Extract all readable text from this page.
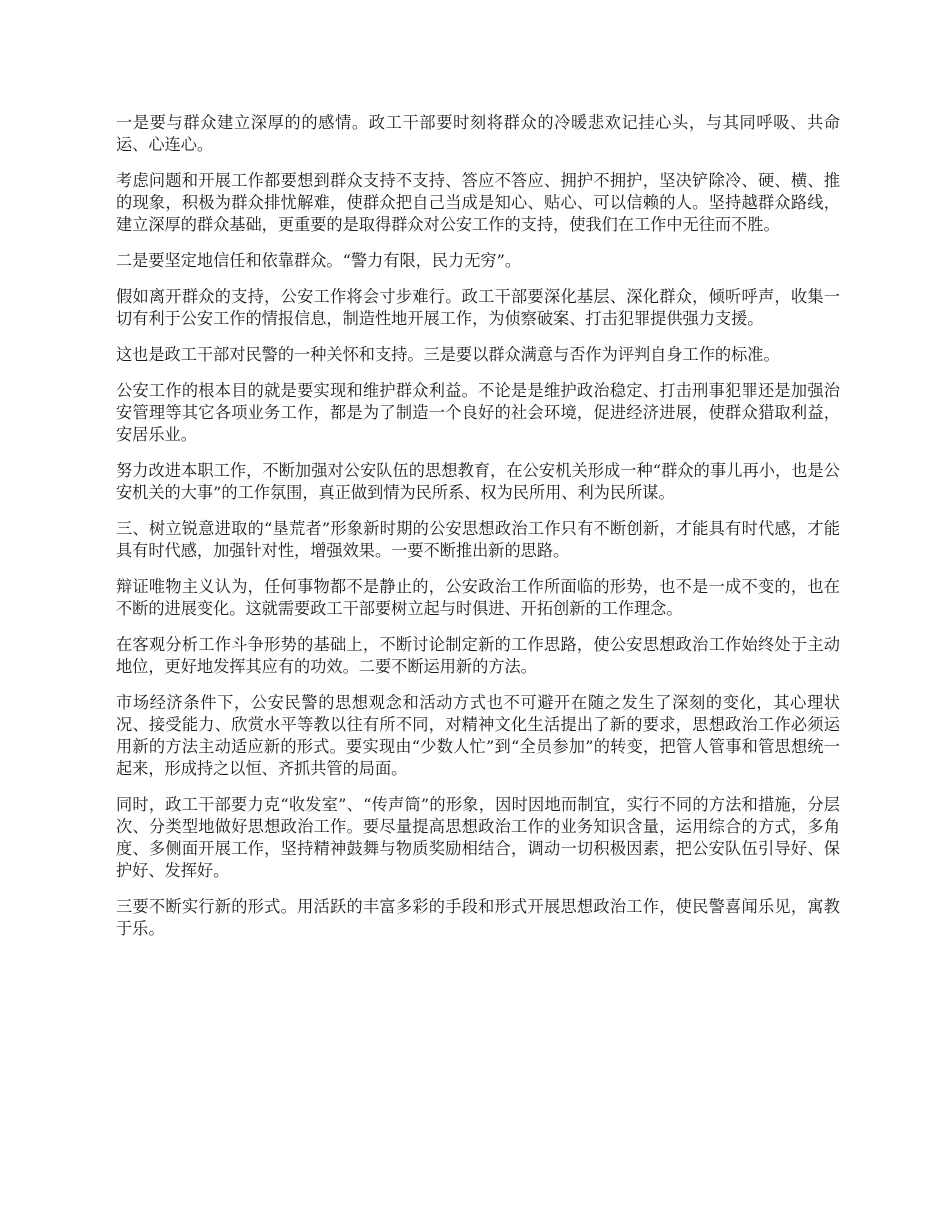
一是要与群众建立深厚的的感情。政工干部要时刻将群众的冷暖悲欢记挂心头，与其同呼吸、共命运、心连心。

考虑问题和开展工作都要想到群众支持不支持、答应不答应、拥护不拥护，坚决铲除冷、硬、横、推的现象，积极为群众排忧解难，使群众把自己当成是知心、贴心、可以信赖的人。坚持越群众路线，建立深厚的群众基础，更重要的是取得群众对公安工作的支持，使我们在工作中无往而不胜。

二是要坚定地信任和依靠群众。“警力有限，民力无穷”。

假如离开群众的支持，公安工作将会寸步难行。政工干部要深化基层、深化群众，倾听呼声，收集一切有利于公安工作的情报信息，制造性地开展工作，为侦察破案、打击犯罪提供强力支援。

这也是政工干部对民警的一种关怀和支持。三是要以群众满意与否作为评判自身工作的标准。

公安工作的根本目的就是要实现和维护群众利益。不论是是维护政治稳定、打击刑事犯罪还是加强治安管理等其它各项业务工作，都是为了制造一个良好的社会环境，促进经济进展，使群众猎取利益，安居乐业。

努力改进本职工作，不断加强对公安队伍的思想教育，在公安机关形成一种“群众的事儿再小，也是公安机关的大事”的工作氛围，真正做到情为民所系、权为民所用、利为民所谋。

三、树立锐意进取的“垦荒者”形象新时期的公安思想政治工作只有不断创新，才能具有时代感，才能具有时代感，加强针对性，增强效果。一要不断推出新的思路。

辩证唯物主义认为，任何事物都不是静止的，公安政治工作所面临的形势，也不是一成不变的，也在不断的进展变化。这就需要政工干部要树立起与时俱进、开拓创新的工作理念。

在客观分析工作斗争形势的基础上，不断讨论制定新的工作思路，使公安思想政治工作始终处于主动地位，更好地发挥其应有的功效。二要不断运用新的方法。

市场经济条件下，公安民警的思想观念和活动方式也不可避开在随之发生了深刻的变化，其心理状况、接受能力、欣赏水平等教以往有所不同，对精神文化生活提出了新的要求，思想政治工作必须运用新的方法主动适应新的形式。要实现由“少数人忙”到“全员参加”的转变，把管人管事和管思想统一起来，形成持之以恒、齐抓共管的局面。

同时，政工干部要力克“收发室”、“传声筒”的形象，因时因地而制宜，实行不同的方法和措施，分层次、分类型地做好思想政治工作。要尽量提高思想政治工作的业务知识含量，运用综合的方式，多角度、多侧面开展工作，坚持精神鼓舞与物质奖励相结合，调动一切积极因素，把公安队伍引导好、保护好、发挥好。

三要不断实行新的形式。用活跃的丰富多彩的手段和形式开展思想政治工作，使民警喜闻乐见，寓教于乐。
